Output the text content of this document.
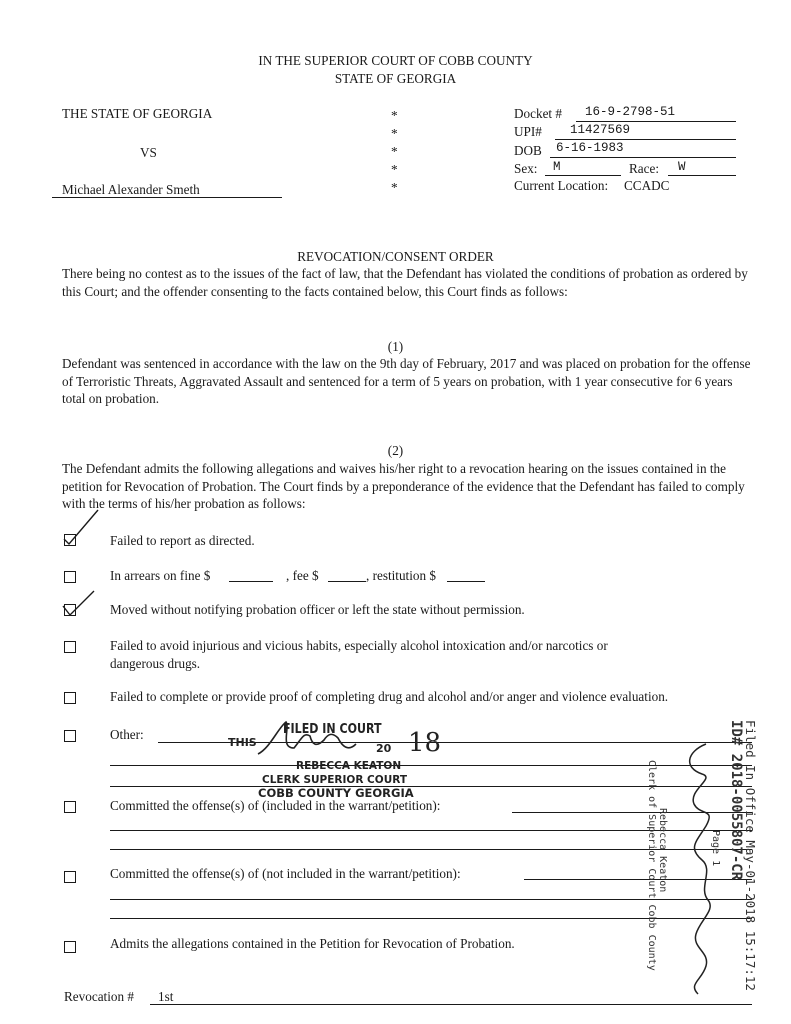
IN THE SUPERIOR COURT OF COBB COUNTY
STATE OF GEORGIA
THE STATE OF GEORGIA
VS
Michael Alexander Smeth
*
*
*
*
*
Docket # 16-9-2798-51
UPI# 11427569
DOB 6-16-1983
Sex: M	Race: W
Current Location: CCADC
REVOCATION/CONSENT ORDER
There being no contest as to the issues of the fact of law, that the Defendant has violated the conditions of probation as ordered by this Court; and the offender consenting to the facts contained below, this Court finds as follows:
(1)
Defendant was sentenced in accordance with the law on the 9th day of February, 2017 and was placed on probation for the offense of Terroristic Threats, Aggravated Assault and sentenced for a term of 5 years on probation, with 1 year consecutive for 6 years total on probation.
(2)
The Defendant admits the following allegations and waives his/her right to a revocation hearing on the issues contained in the petition for Revocation of Probation. The Court finds by a preponderance of the evidence that the Defendant has failed to comply with the terms of his/her probation as follows:
Failed to report as directed.
In arrears on fine $	, fee $	, restitution $
Moved without notifying probation officer or left the state without permission.
Failed to avoid injurious and vicious habits, especially alcohol intoxication and/or narcotics or
dangerous drugs.
Failed to complete or provide proof of completing drug and alcohol and/or anger and violence evaluation.
Other:	FILED IN COURT
THIS	20 18
REBECCA KEATON
CLERK SUPERIOR COURT
COBB COUNTY GEORGIA
Committed the offense(s) of (included in the warrant/petition):
Committed the offense(s) of (not included in the warrant/petition):
Admits the allegations contained in the Petition for Revocation of Probation.
Revocation # 1st
Filed In Office May-01-2018 15:17:12
ID# 2018-0055807-CR
Page 1
Rebecca Keaton
Clerk of Superior Court Cobb County
